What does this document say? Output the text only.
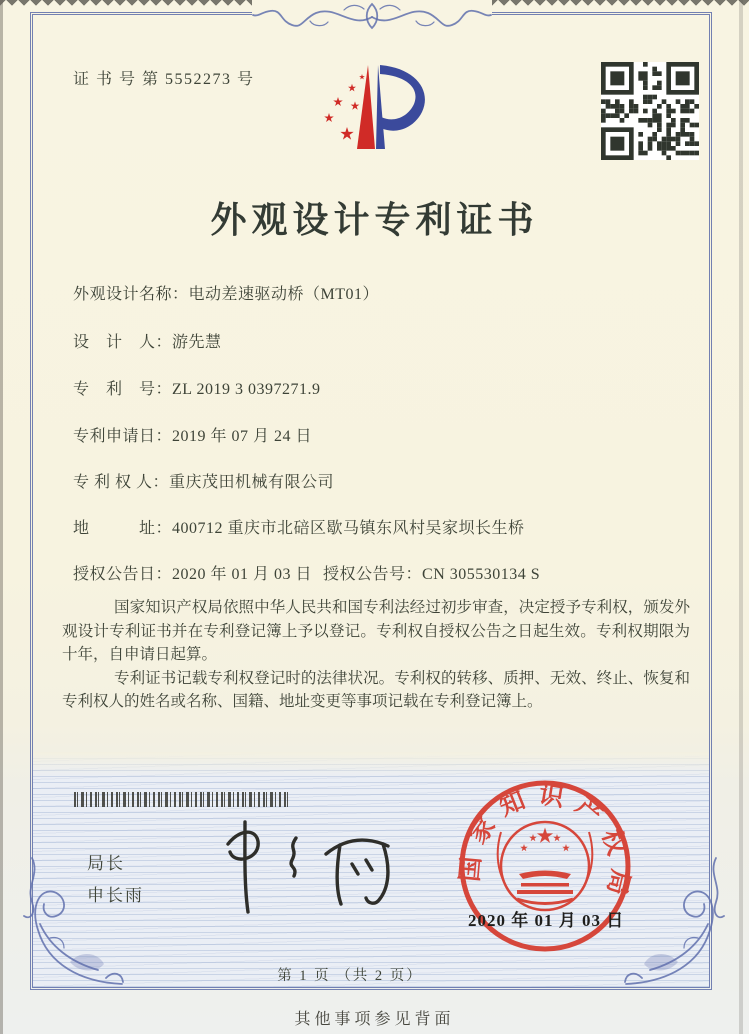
证 书 号 第 5552273 号
外观设计专利证书
外观设计名称：电动差速驱动桥（MT01）
设　计　人：游先慧
专　利　号：ZL 2019 3 0397271.9
专利申请日：2019 年 07 月 24 日
专 利 权 人：重庆茂田机械有限公司
地　　　址：400712 重庆市北碚区歇马镇东风村吴家坝长生桥
授权公告日：2020 年 01 月 03 日 授权公告号：CN 305530134 S

国家知识产权局依照中华人民共和国专利法经过初步审查，决定授予专利权，颁发外观设计专利证书并在专利登记簿上予以登记。专利权自授权公告之日起生效。专利权期限为十年，自申请日起算。

专利证书记载专利权登记时的法律状况。专利权的转移、质押、无效、终止、恢复和专利权人的姓名或名称、国籍、地址变更等事项记载在专利登记簿上。

局长
申长雨
国家知识产权局
2020 年 01 月 03 日
第 1 页 （共 2 页）
其他事项参见背面
